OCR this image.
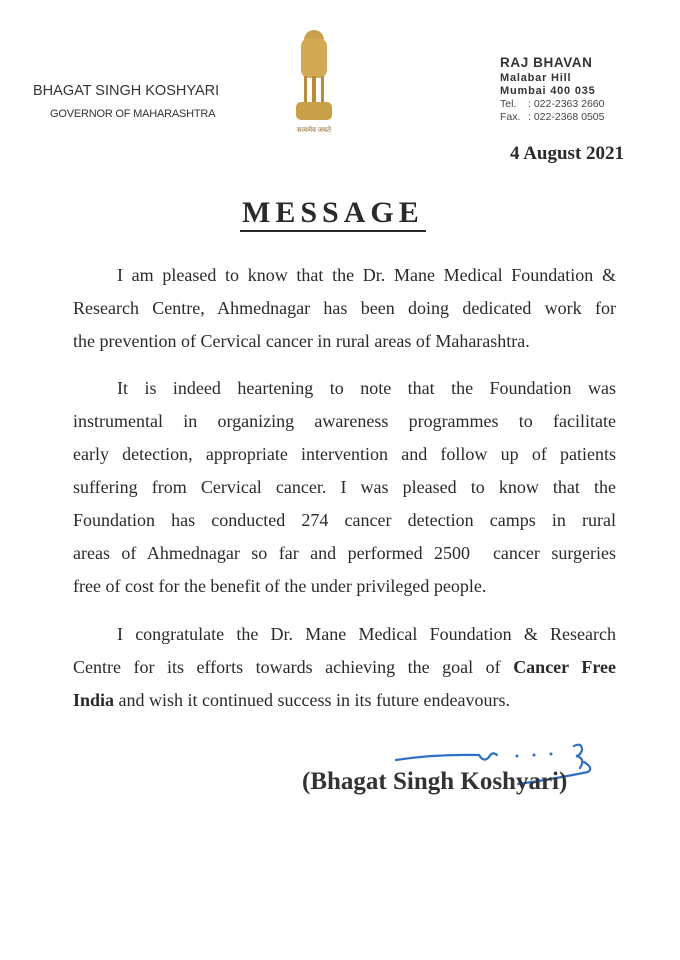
BHAGAT SINGH KOSHYARI
GOVERNOR OF MAHARASHTRA
सत्यमेव जयते
RAJ BHAVAN
Malabar Hill
Mumbai 400 035
Tel. : 022-2363 2660
Fax. : 022-2368 0505
4 August 2021
MESSAGE
I am pleased to know that the Dr. Mane Medical Foundation &
Research Centre, Ahmednagar has been doing dedicated work for
the prevention of Cervical cancer in rural areas of Maharashtra.
It is indeed heartening to note that the Foundation was
instrumental in organizing awareness programmes to facilitate
early detection, appropriate intervention and follow up of patients
suffering from Cervical cancer. I was pleased to know that the
Foundation has conducted 274 cancer detection camps in rural
areas of Ahmednagar so far and performed 2500  cancer surgeries
free of cost for the benefit of the under privileged people.
I congratulate the Dr. Mane Medical Foundation & Research
Centre for its efforts towards achieving the goal of Cancer Free
India and wish it continued success in its future endeavours.
(Bhagat Singh Koshyari)
